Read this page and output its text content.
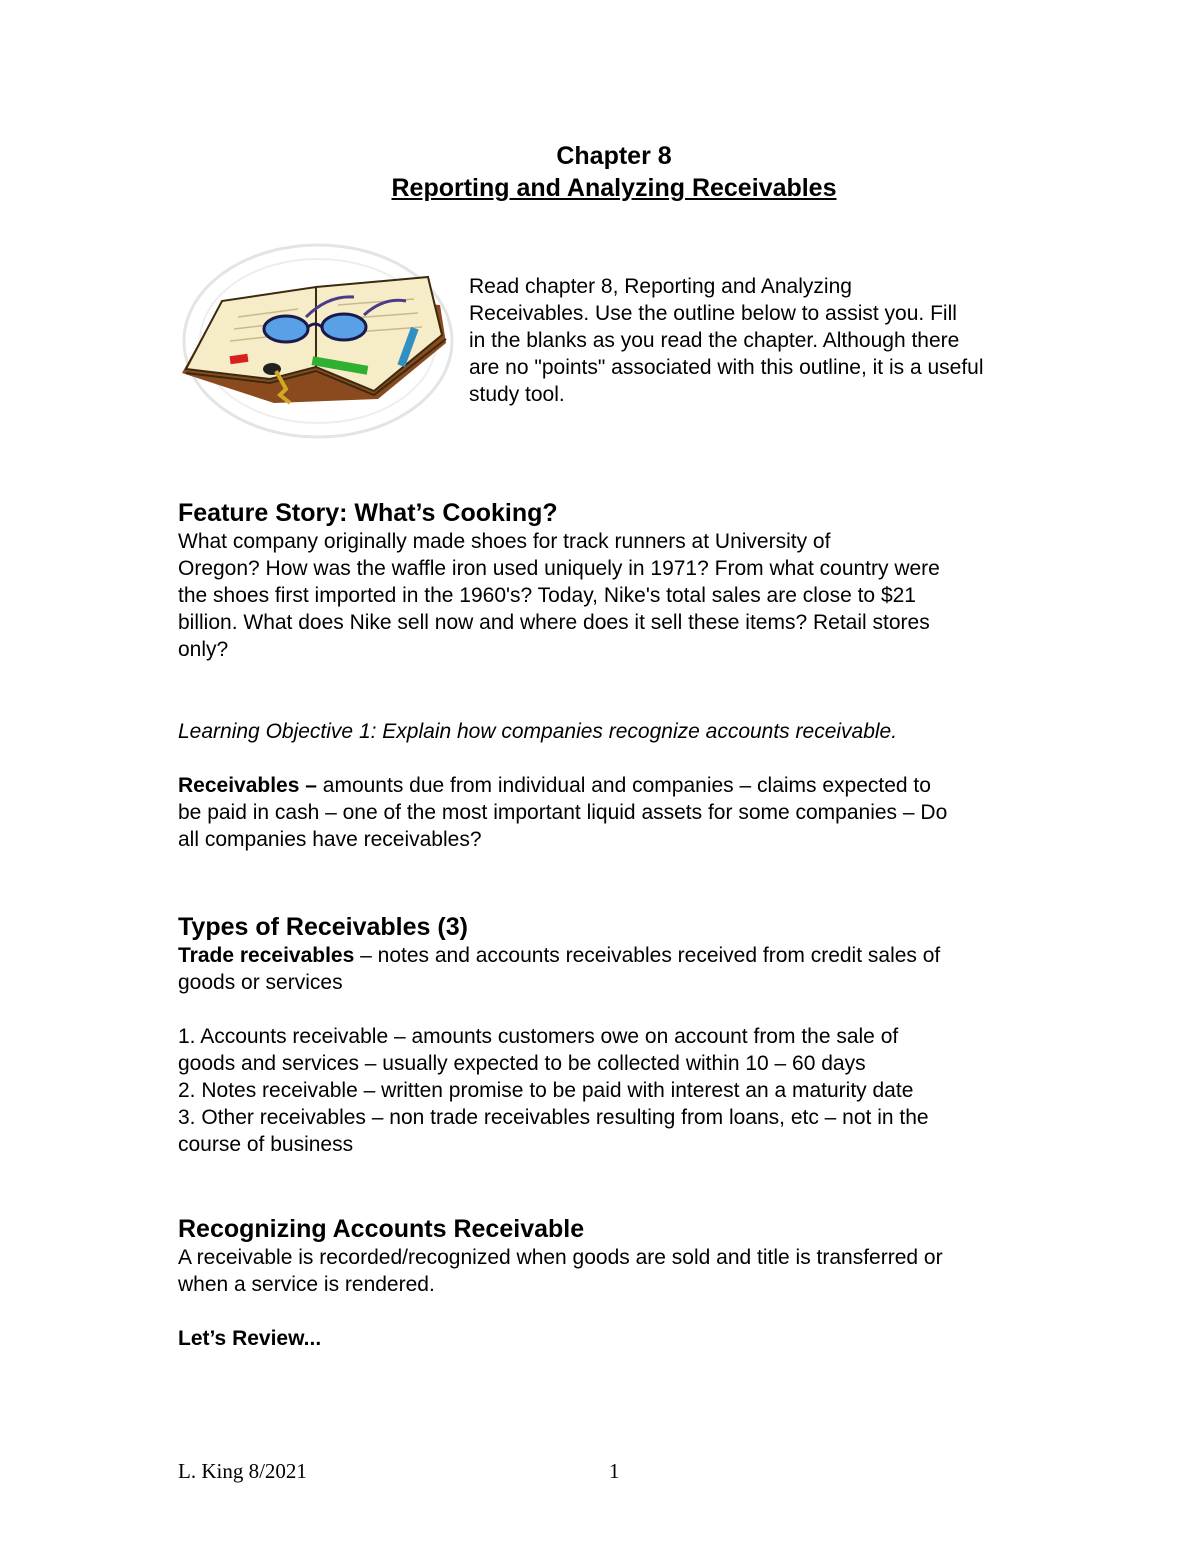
Chapter 8
Reporting and Analyzing Receivables
Read chapter 8, Reporting and Analyzing
Receivables. Use the outline below to assist you. Fill
in the blanks as you read the chapter. Although there
are no "points" associated with this outline, it is a useful
study tool.
Feature Story: What’s Cooking?
What company originally made shoes for track runners at University of
Oregon? How was the waffle iron used uniquely in 1971? From what country were
the shoes first imported in the 1960's? Today, Nike's total sales are close to $21
billion. What does Nike sell now and where does it sell these items? Retail stores
only?
Learning Objective 1: Explain how companies recognize accounts receivable.
Receivables – amounts due from individual and companies – claims expected to
be paid in cash – one of the most important liquid assets for some companies – Do
all companies have receivables?
Types of Receivables (3)
Trade receivables – notes and accounts receivables received from credit sales of
goods or services
1. Accounts receivable – amounts customers owe on account from the sale of
goods and services – usually expected to be collected within 10 – 60 days
2. Notes receivable – written promise to be paid with interest an a maturity date
3. Other receivables – non trade receivables resulting from loans, etc – not in the
course of business
Recognizing Accounts Receivable
A receivable is recorded/recognized when goods are sold and title is transferred or
when a service is rendered.
Let’s Review...
L. King 8/2021	1
